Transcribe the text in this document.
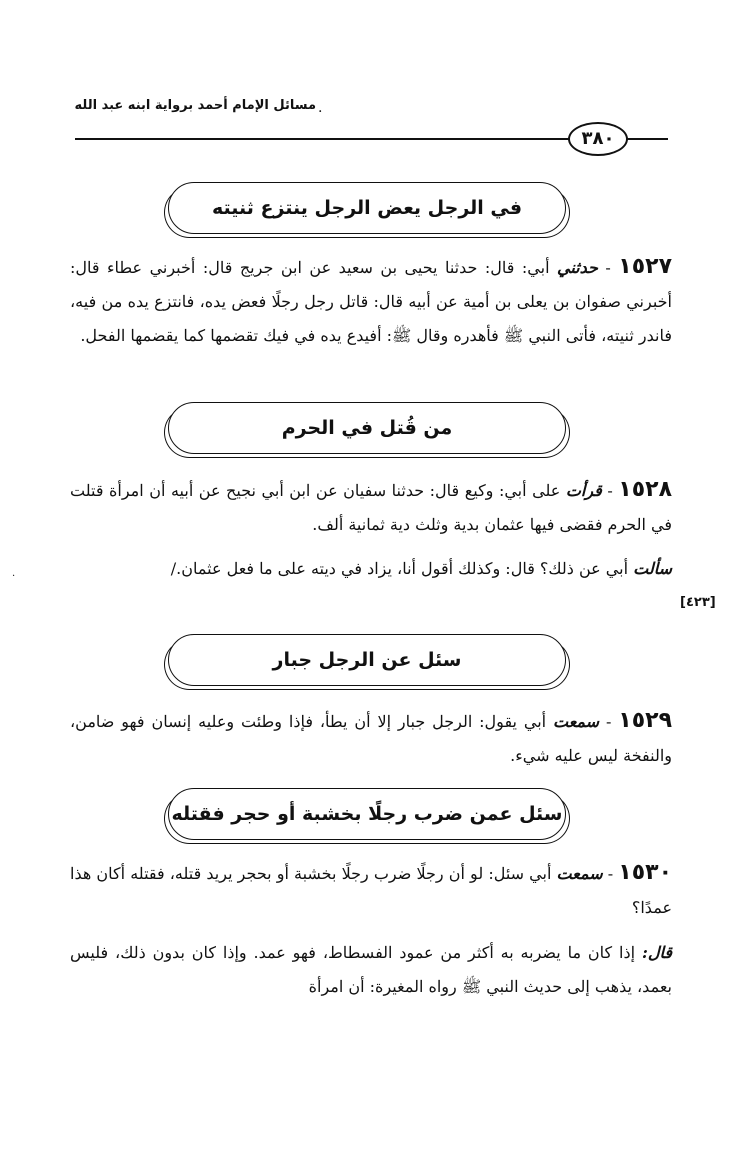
مسائل الإمام أحمد برواية ابنه عبد الله .
٣٨٠
.
في الرجل يعض الرجل ينتزع ثنيته
١٥٢٧ - حدثني أبي: قال: حدثنا يحيى بن سعيد عن ابن جريج قال: أخبرني عطاء قال: أخبرني صفوان بن يعلى بن أمية عن أبيه قال: قاتل رجل رجلًا فعض يده، فانتزع يده من فيه، فاندر ثنيته، فأتى النبي ﷺ فأهدره وقال ﷺ: أفيدع يده في فيك تقضمها كما يقضمها الفحل.
من قُتل في الحرم
١٥٢٨ - قرأت على أبي: وكيع قال: حدثنا سفيان عن ابن أبي نجيح عن أبيه أن امرأة قتلت في الحرم فقضى فيها عثمان بدية وثلث دية ثمانية ألف.
سألت أبي عن ذلك؟ قال: وكذلك أقول أنا، يزاد في ديته على ما فعل عثمان./
[٤٢٣]
سئل عن الرجل جبار
١٥٢٩ - سمعت أبي يقول: الرجل جبار إلا أن يطأ، فإذا وطئت وعليه إنسان فهو ضامن، والنفخة ليس عليه شيء.
سئل عمن ضرب رجلًا بخشبة أو حجر فقتله
١٥٣٠ - سمعت أبي سئل: لو أن رجلًا ضرب رجلًا بخشبة أو بحجر يريد قتله، فقتله أكان هذا عمدًا؟
قال: إذا كان ما يضربه به أكثر من عمود الفسطاط، فهو عمد. وإذا كان بدون ذلك، فليس بعمد، يذهب إلى حديث النبي ﷺ رواه المغيرة: أن امرأة
